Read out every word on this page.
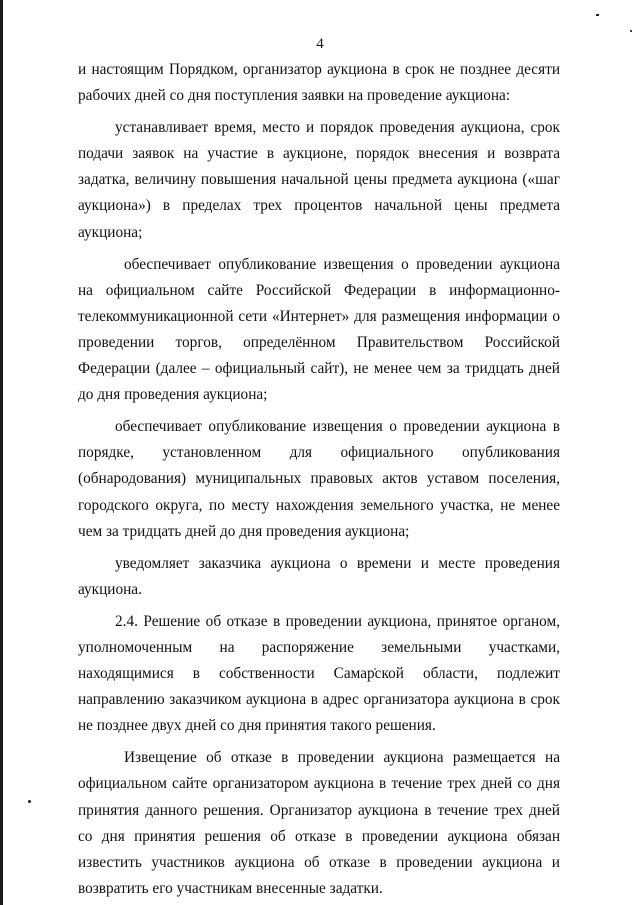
4

и настоящим Порядком, организатор аукциона в срок не позднее десяти рабочих дней со дня поступления заявки на проведение аукциона:

устанавливает время, место и порядок проведения аукциона, срок подачи заявок на участие в аукционе, порядок внесения и возврата задатка, величину повышения начальной цены предмета аукциона («шаг аукциона») в пределах трех процентов начальной цены предмета аукциона;

обеспечивает опубликование извещения о проведении аукциона на официальном сайте Российской Федерации в информационно-телекоммуникационной сети «Интернет» для размещения информации о проведении торгов, определённом Правительством Российской Федерации (далее – официальный сайт), не менее чем за тридцать дней до дня проведения аукциона;

обеспечивает опубликование извещения о проведении аукциона в порядке, установленном для официального опубликования (обнародования) муниципальных правовых актов уставом поселения, городского округа, по месту нахождения земельного участка, не менее чем за тридцать дней до дня проведения аукциона;

уведомляет заказчика аукциона о времени и месте проведения аукциона.

2.4. Решение об отказе в проведении аукциона, принятое органом, уполномоченным на распоряжение земельными участками, находящимися в собственности Самарской области, подлежит направлению заказчиком аукциона в адрес организатора аукциона в срок не позднее двух дней со дня принятия такого решения.

Извещение об отказе в проведении аукциона размещается на официальном сайте организатором аукциона в течение трех дней со дня принятия данного решения. Организатор аукциона в течение трех дней со дня принятия решения об отказе в проведении аукциона обязан известить участников аукциона об отказе в проведении аукциона и возвратить его участникам внесенные задатки.
